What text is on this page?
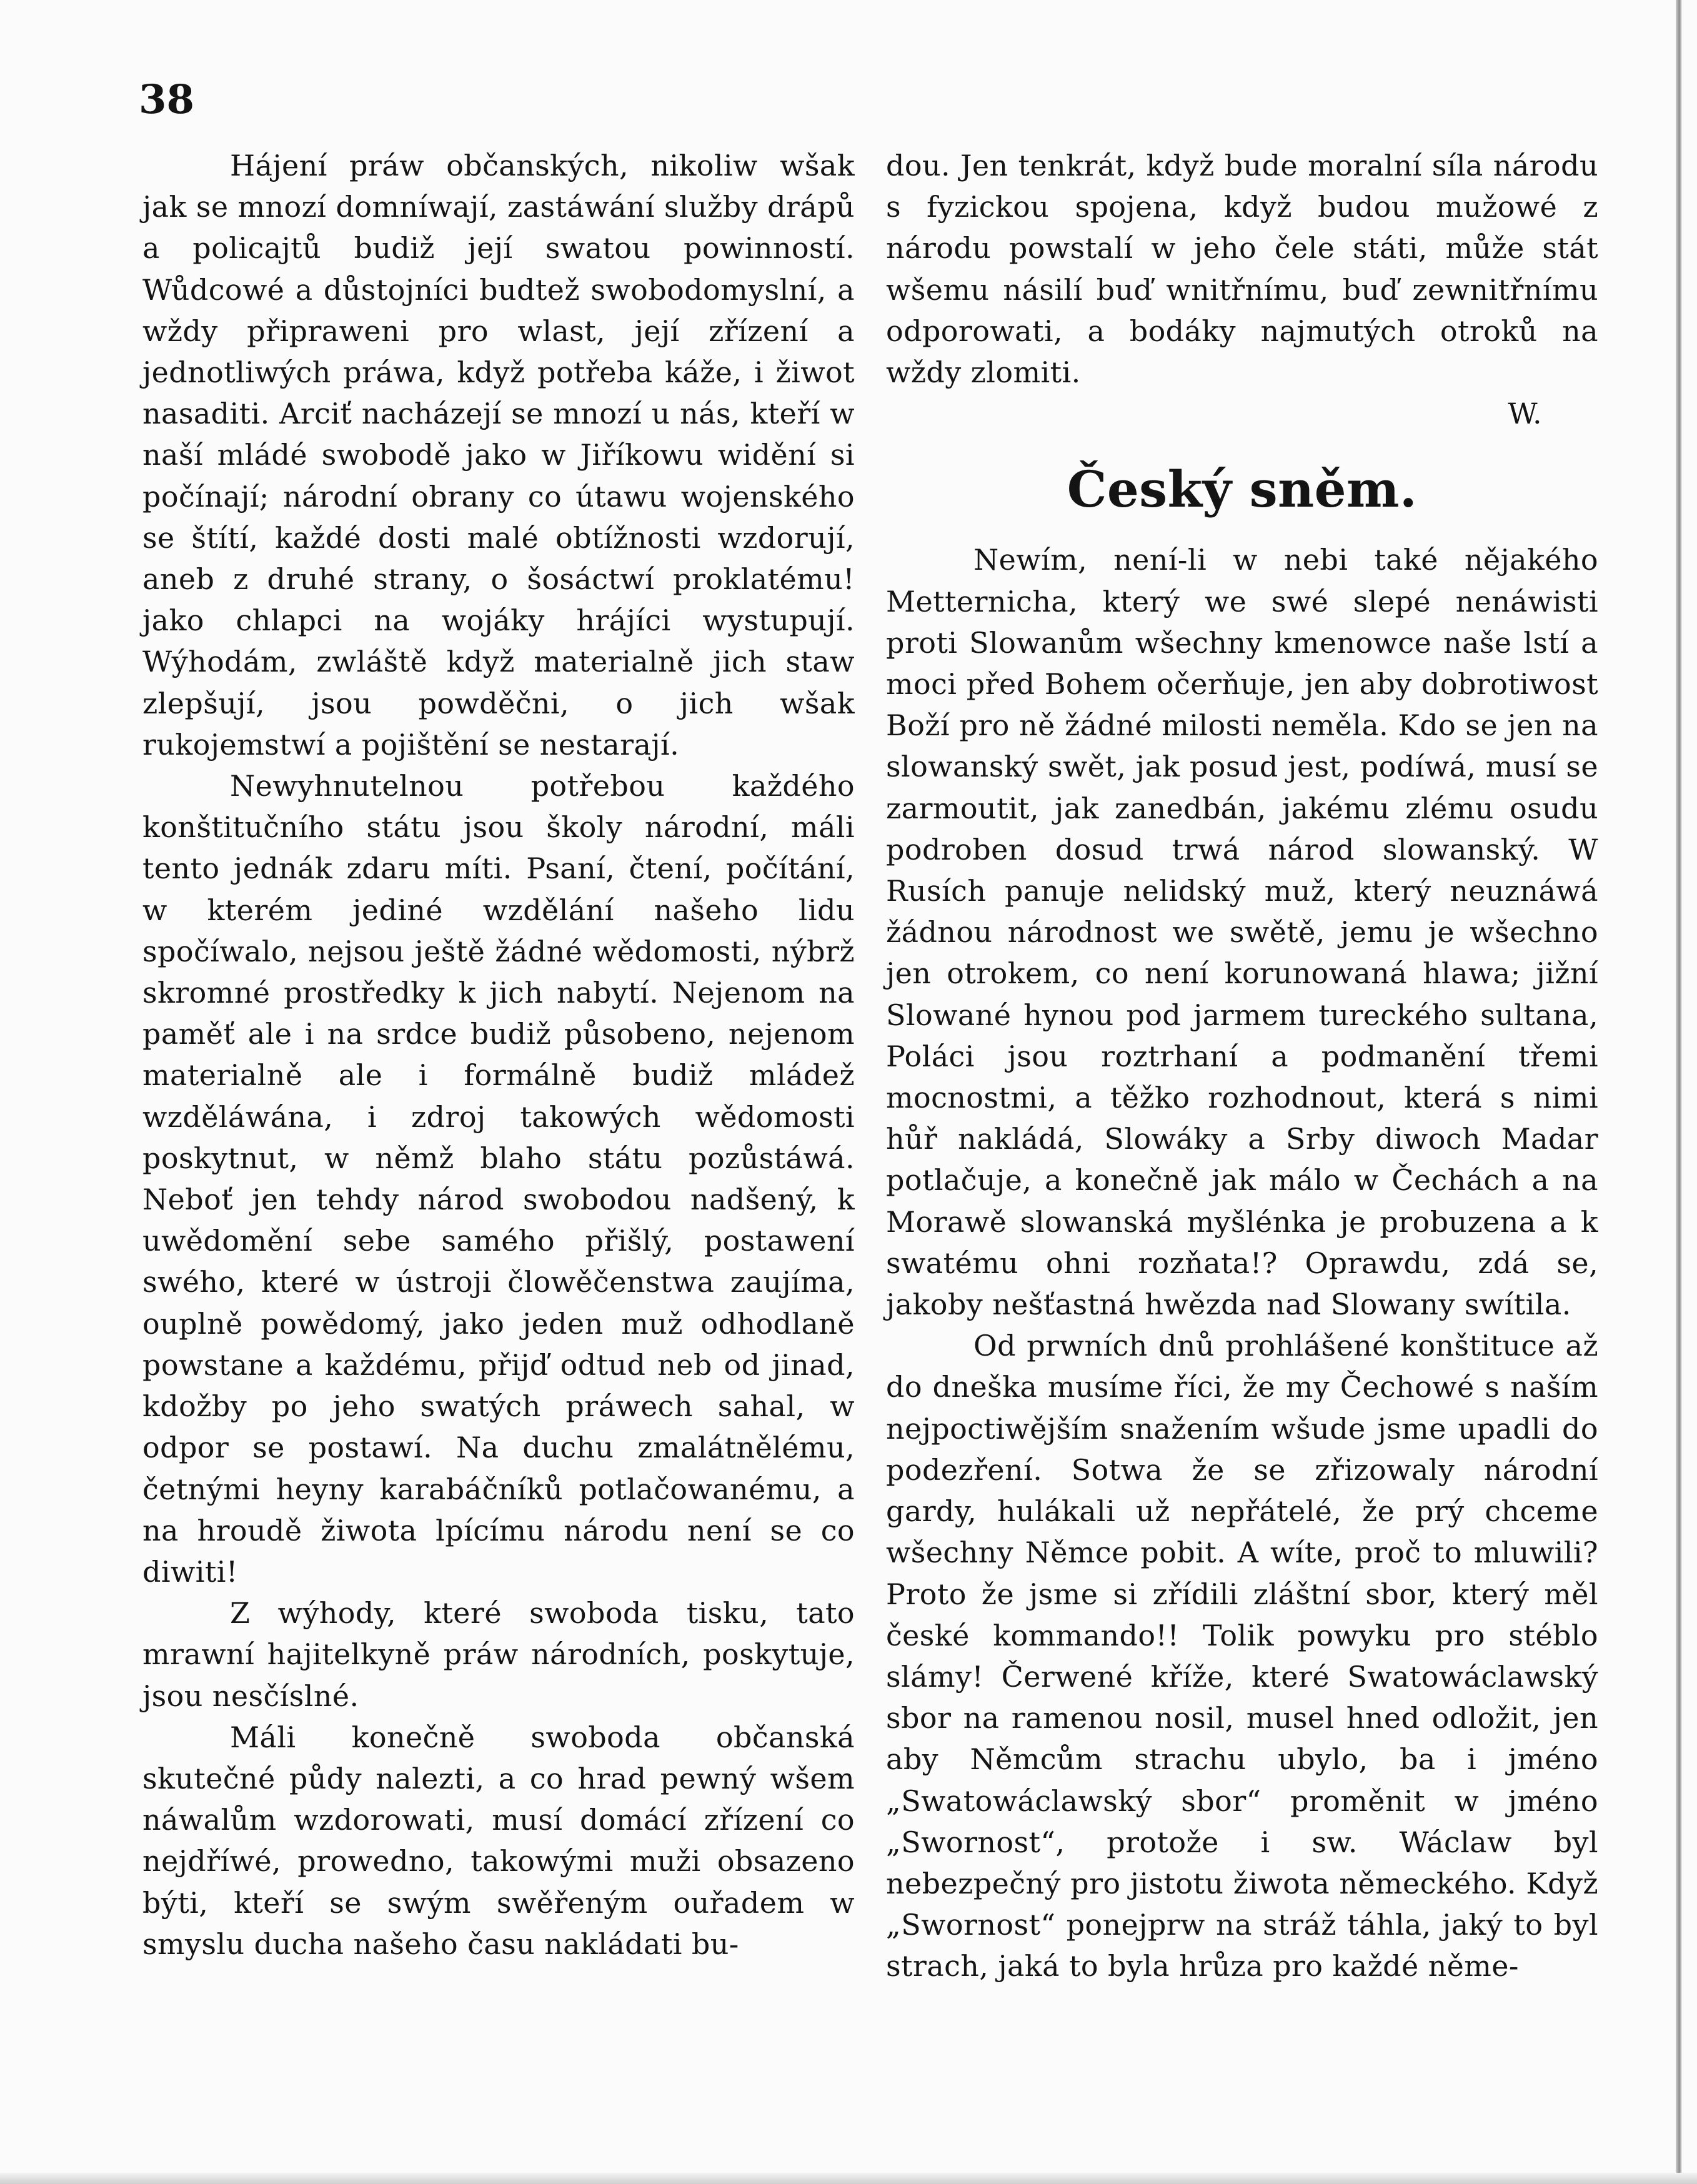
38

Hájení práw občanských, nikoliw wšak jak se mnozí domníwají, zastáwání služby drápů a policajtů budiž její swatou powinností. Wůdcowé a důstojníci budtež swobodomyslní, a wždy připraweni pro wlast, její zřízení a jednotliwých práwa, když potřeba káže, i žiwot nasaditi. Arciť nacházejí se mnozí u nás, kteří w naší mládé swobodě jako w Jiříkowu widění si počínají; národní obrany co útawu wojenského se štítí, každé dosti malé obtížnosti wzdorují, aneb z druhé strany, o šosáctwí proklatému! jako chlapci na wojáky hrájíci wystupují. Wýhodám, zwláště když materialně jich staw zlepšují, jsou powděčni, o jich wšak rukojemstwí a pojištění se nestarají.

Newyhnutelnou potřebou každého konštitučního státu jsou školy národní, máli tento jednák zdaru míti. Psaní, čtení, počítání, w kterém jediné wzdělání našeho lidu spočíwalo, nejsou ještě žádné wědomosti, nýbrž skromné prostředky k jich nabytí. Nejenom na paměť ale i na srdce budiž působeno, nejenom materialně ale i formálně budiž mládež wzděláwána, i zdroj takowých wědomosti poskytnut, w němž blaho státu pozůstáwá. Neboť jen tehdy národ swobodou nadšený, k uwědomění sebe samého přišlý, postawení swého, které w ústroji člowěčenstwa zaujíma, ouplně powědomý, jako jeden muž odhodlaně powstane a každému, přijď odtud neb od jinad, kdožby po jeho swatých práwech sahal, w odpor se postawí. Na duchu zmalátnělému, četnými heyny karabáčníků potlačowanému, a na hroudě žiwota lpícímu národu není se co diwiti!

Z wýhody, které swoboda tisku, tato mrawní hajitelkyně práw národních, poskytuje, jsou nesčíslné.

Máli konečně swoboda občanská skutečné půdy nalezti, a co hrad pewný wšem náwalům wzdorowati, musí domácí zřízení co nejdříwé, prowedno, takowými muži obsazeno býti, kteří se swým swěřeným ouřadem w smyslu ducha našeho času nakládati bu-

dou. Jen tenkrát, když bude moralní síla národu s fyzickou spojena, když budou mužowé z národu powstalí w jeho čele státi, může stát wšemu násilí buď wnitřnímu, buď zewnitřnímu odporowati, a bodáky najmutých otroků na wždy zlomiti.

W.

Český sněm.

Newím, není-li w nebi také nějakého Metternicha, který we swé slepé nenáwisti proti Slowanům wšechny kmenowce naše lstí a moci před Bohem očerňuje, jen aby dobrotiwost Boží pro ně žádné milosti neměla. Kdo se jen na slowanský swět, jak posud jest, podíwá, musí se zarmoutit, jak zanedbán, jakému zlému osudu podroben dosud trwá národ slowanský. W Rusích panuje nelidský muž, který neuznáwá žádnou národnost we swětě, jemu je wšechno jen otrokem, co není korunowaná hlawa; jižní Slowané hynou pod jarmem tureckého sultana, Poláci jsou roztrhaní a podmanění třemi mocnostmi, a těžko rozhodnout, která s nimi hůř nakládá, Slowáky a Srby diwoch Madar potlačuje, a konečně jak málo w Čechách a na Morawě slowanská myšlénka je probuzena a k swatému ohni rozňata!? Oprawdu, zdá se, jakoby nešťastná hwězda nad Slowany swítila.

Od prwních dnů prohlášené konštituce až do dneška musíme říci, že my Čechowé s naším nejpoctiwějším snažením wšude jsme upadli do podezření. Sotwa že se zřizowaly národní gardy, hulákali už nepřátelé, že prý chceme wšechny Němce pobit. A wíte, proč to mluwili? Proto že jsme si zřídili zláštní sbor, který měl české kommando!! Tolik powyku pro stéblo slámy! Čerwené kříže, které Swatowáclawský sbor na ramenou nosil, musel hned odložit, jen aby Němcům strachu ubylo, ba i jméno „Swatowáclawský sbor“ proměnit w jméno „Swornost“, protože i sw. Wáclaw byl nebezpečný pro jistotu žiwota německého. Když „Swornost“ ponejprw na stráž táhla, jaký to byl strach, jaká to byla hrůza pro každé němе-
